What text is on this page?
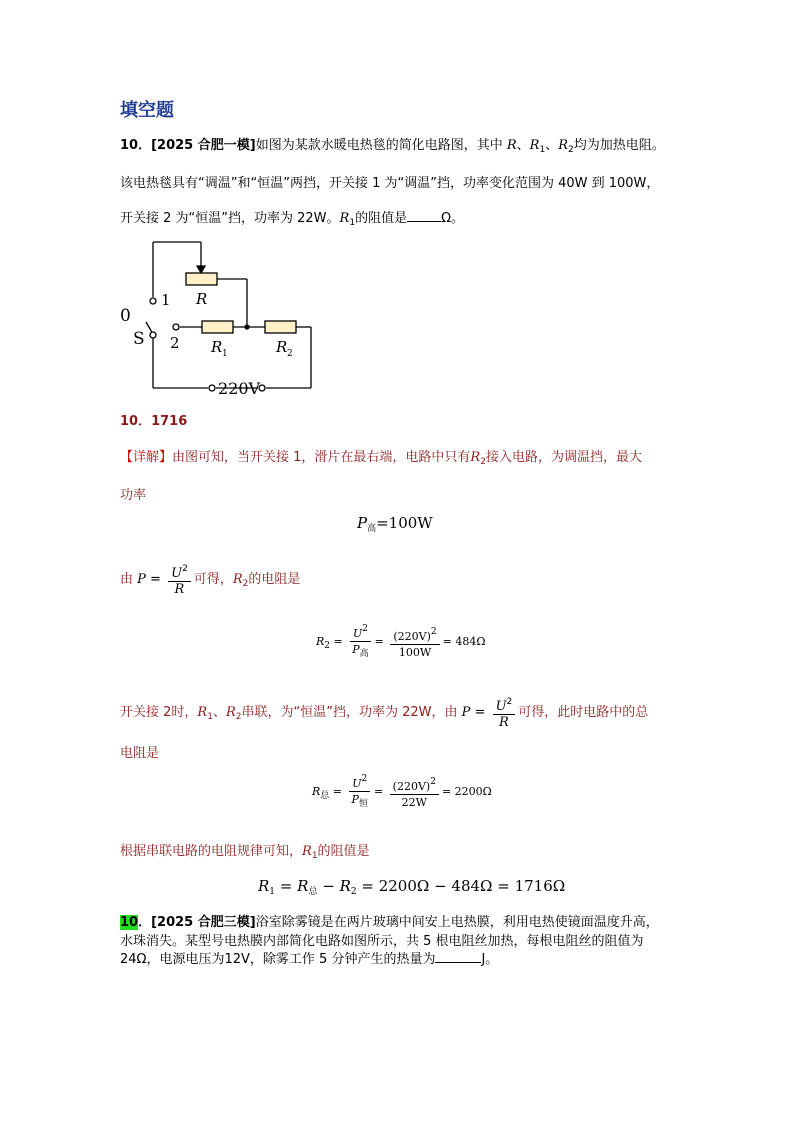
填空题
10．[2025 合肥一模]如图为某款水暖电热毯的简化电路图，其中 R、$R_1$、$R_2$均为加热电阻。
该电热毯具有“调温”和“恒温”两挡，开关接 1 为“调温”挡，功率变化范围为 40W 到 100W，
开关接 2 为“恒温”挡，功率为 22W。$R_1$的阻值是	Ω。
1
0
S 2
R
R 1	R 2
220V
10．1716
【详解】由图可知，当开关接 1，滑片在最右端，电路中只有$R_2$接入电路，为调温挡，最大
功率
$P_高=100W$
由 $P = \frac{U^2}{R}$ 可得，$R_2$的电阻是
$R_2 = \frac{U^2}{P_高} = \frac{(220V)^2}{100W} = 484\Omega$
开关接 2时，$R_1$、$R_2$串联，为“恒温”挡，功率为 22W，由 $P = \frac{U^2}{R}$ 可得，此时电路中的总
电阻是
$R_总 = \frac{U^2}{P_恒} = \frac{(220V)^2}{22W} = 2200\Omega$
根据串联电路的电阻规律可知，$R_1$的阻值是
$R_1 = R_总 - R_2 = 2200\Omega - 484\Omega = 1716\Omega$
10．[2025 合肥三模]浴室除雾镜是在两片玻璃中间安上电热膜，利用电热使镜面温度升高，
水珠消失。某型号电热膜内部简化电路如图所示，共 5 根电阻丝加热，每根电阻丝的阻值为
24Ω，电源电压为12V，除雾工作 5 分钟产生的热量为	J。
